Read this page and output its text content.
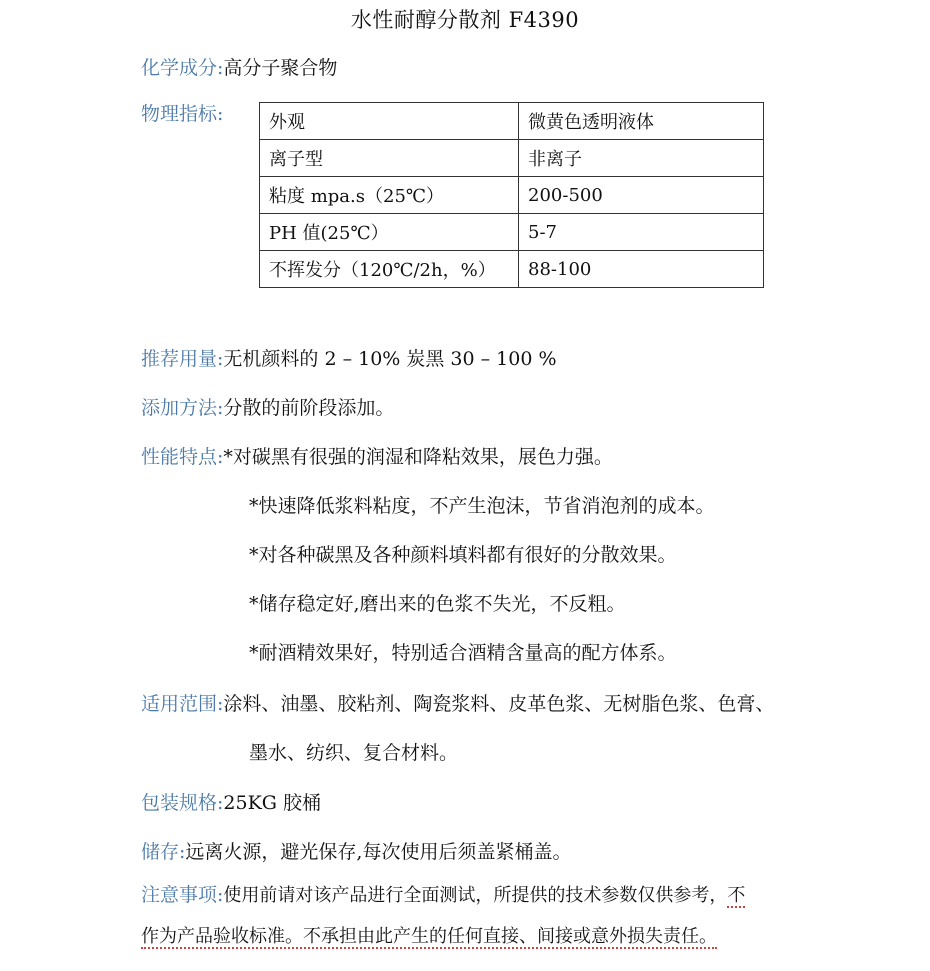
水性耐醇分散剂 F4390
化学成分:高分子聚合物
物理指标:	外观	微黄色透明液体
离子型	非离子
粘度 mpa.s（25℃）	200-500
PH 值(25℃）	5-7
不挥发分（120℃/2h，%）	88-100
推荐用量:无机颜料的 2 – 10% 炭黑 30 – 100 %
添加方法:分散的前阶段添加。
性能特点:*对碳黑有很强的润湿和降粘效果，展色力强。
*快速降低浆料粘度，不产生泡沫，节省消泡剂的成本。
*对各种碳黑及各种颜料填料都有很好的分散效果。
*储存稳定好,磨出来的色浆不失光，不反粗。
*耐酒精效果好，特别适合酒精含量高的配方体系。
适用范围:涂料、油墨、胶粘剂、陶瓷浆料、皮革色浆、无树脂色浆、色膏、
墨水、纺织、复合材料。
包装规格:25KG 胶桶
储存:远离火源，避光保存,每次使用后须盖紧桶盖。
注意事项:使用前请对该产品进行全面测试，所提供的技术参数仅供参考，不
作为产品验收标准。不承担由此产生的任何直接、间接或意外损失责任。
